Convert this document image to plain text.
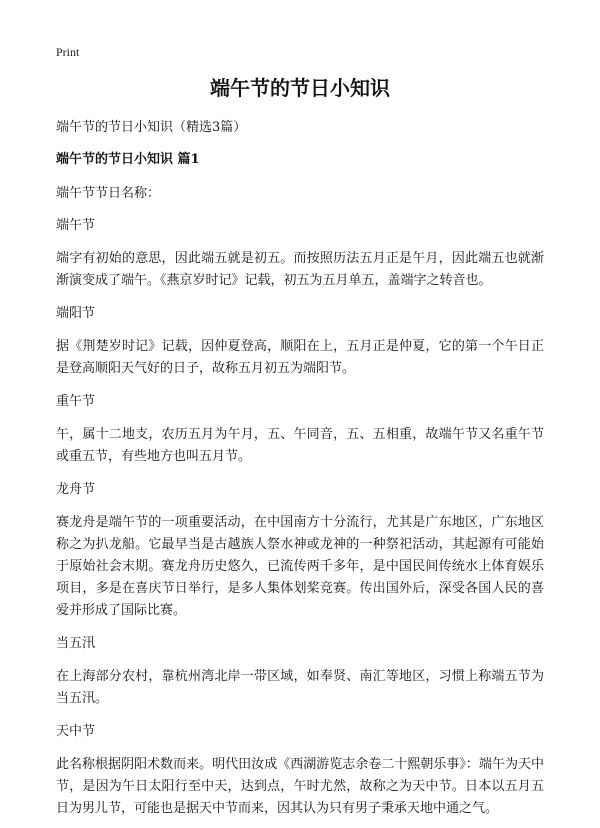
Print
端午节的节日小知识
端午节的节日小知识（精选3篇）
端午节的节日小知识 篇1
端午节节日名称：
端午节
端字有初始的意思，因此端五就是初五。而按照历法五月正是午月，因此端五也就渐渐演变成了端午。《燕京岁时记》记载，初五为五月单五，盖端字之转音也。
端阳节
据《荆楚岁时记》记载，因仲夏登高，顺阳在上，五月正是仲夏，它的第一个午日正是登高顺阳天气好的日子，故称五月初五为端阳节。
重午节
午，属十二地支，农历五月为午月，五、午同音，五、五相重，故端午节又名重午节或重五节，有些地方也叫五月节。
龙舟节
赛龙舟是端午节的一项重要活动，在中国南方十分流行，尤其是广东地区，广东地区称之为扒龙船。它最早当是古越族人祭水神或龙神的一种祭祀活动，其起源有可能始于原始社会末期。赛龙舟历史悠久，已流传两千多年，是中国民间传统水上体育娱乐项目，多是在喜庆节日举行，是多人集体划桨竞赛。传出国外后，深受各国人民的喜爱并形成了国际比赛。
当五汛
在上海部分农村，靠杭州湾北岸一带区域，如奉贤、南汇等地区，习惯上称端五节为当五汛。
天中节
此名称根据阴阳术数而来。明代田汝成《西湖游览志余卷二十熙朝乐事》：端午为天中节，是因为午日太阳行至中天，达到点，午时尤然，故称之为天中节。日本以五月五日为男儿节，可能也是据天中节而来，因其认为只有男子秉承天地中通之气。
